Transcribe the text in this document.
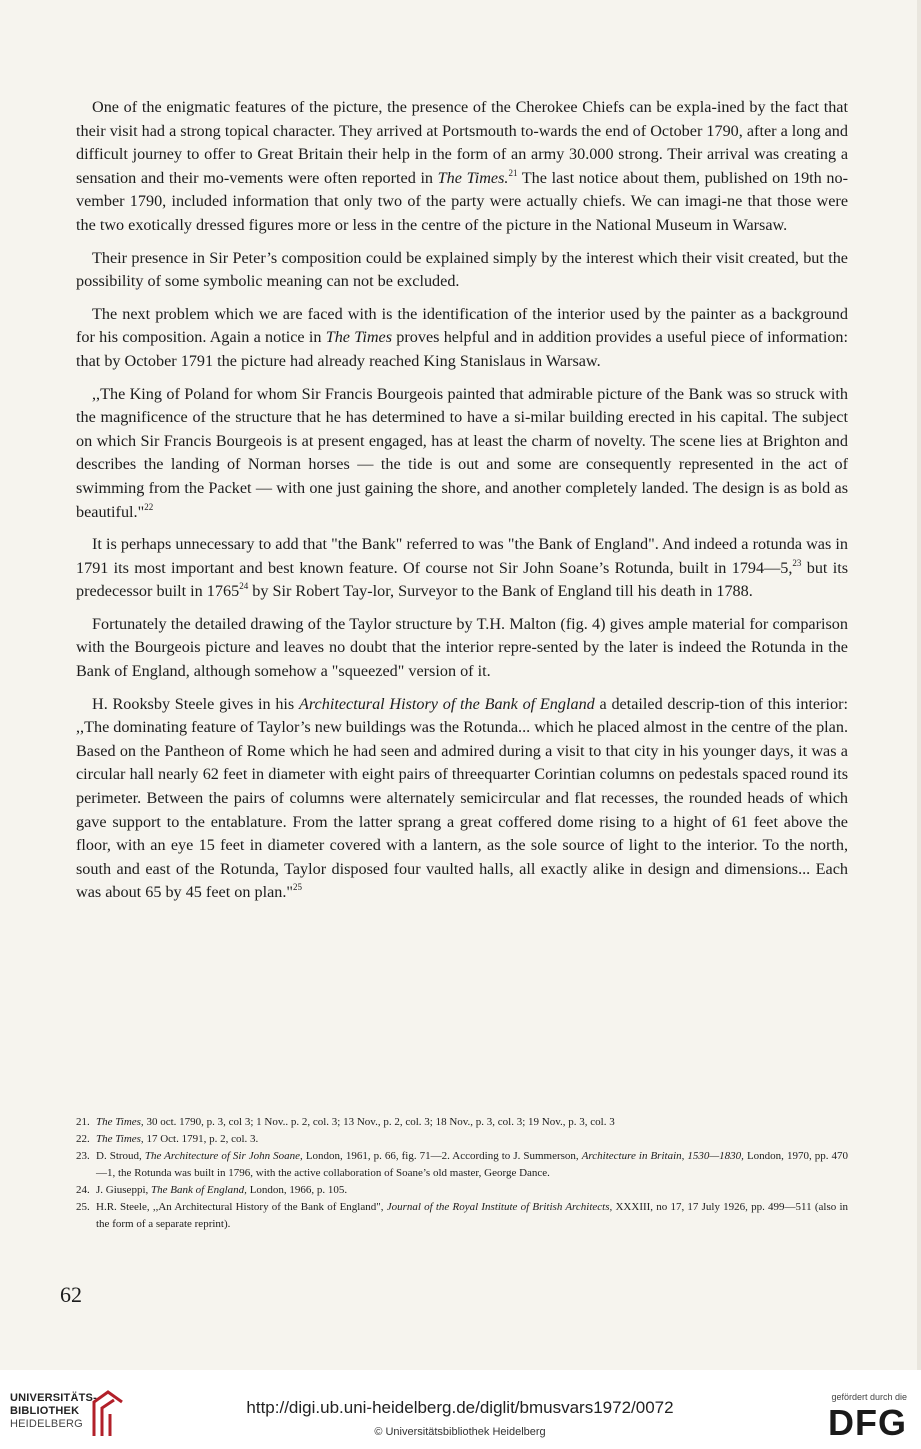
One of the enigmatic features of the picture, the presence of the Cherokee Chiefs can be expla-ined by the fact that their visit had a strong topical character. They arrived at Portsmouth to-wards the end of October 1790, after a long and difficult journey to offer to Great Britain their help in the form of an army 30.000 strong. Their arrival was creating a sensation and their mo-vements were often reported in The Times.$^{21}$ The last notice about them, published on 19th no-vember 1790, included information that only two of the party were actually chiefs. We can imagi-ne that those were the two exotically dressed figures more or less in the centre of the picture in the National Museum in Warsaw.

Their presence in Sir Peter’s composition could be explained simply by the interest which their visit created, but the possibility of some symbolic meaning can not be excluded.

The next problem which we are faced with is the identification of the interior used by the painter as a background for his composition. Again a notice in The Times proves helpful and in addition provides a useful piece of information: that by October 1791 the picture had already reached King Stanislaus in Warsaw.

,,The King of Poland for whom Sir Francis Bourgeois painted that admirable picture of the Bank was so struck with the magnificence of the structure that he has determined to have a si-milar building erected in his capital. The subject on which Sir Francis Bourgeois is at present engaged, has at least the charm of novelty. The scene lies at Brighton and describes the landing of Norman horses — the tide is out and some are consequently represented in the act of swimming from the Packet — with one just gaining the shore, and another completely landed. The design is as bold as beautiful."$^{22}$

It is perhaps unnecessary to add that "the Bank" referred to was "the Bank of England". And indeed a rotunda was in 1791 its most important and best known feature. Of course not Sir John Soane’s Rotunda, built in 1794—5,23 but its predecessor built in 1765$^{24}$ by Sir Robert Tay-lor, Surveyor to the Bank of England till his death in 1788.

Fortunately the detailed drawing of the Taylor structure by T.H. Malton (fig. 4) gives ample material for comparison with the Bourgeois picture and leaves no doubt that the interior repre-sented by the later is indeed the Rotunda in the Bank of England, although somehow a "squeezed" version of it.

H. Rooksby Steele gives in his Architectural History of the Bank of England a detailed descrip-tion of this interior: ,,The dominating feature of Taylor’s new buildings was the Rotunda... which he placed almost in the centre of the plan. Based on the Pantheon of Rome which he had seen and admired during a visit to that city in his younger days, it was a circular hall nearly 62 feet in diameter with eight pairs of threequarter Corintian columns on pedestals spaced round its perimeter. Between the pairs of columns were alternately semicircular and flat recesses, the rounded heads of which gave support to the entablature. From the latter sprang a great coffered dome rising to a hight of 61 feet above the floor, with an eye 15 feet in diameter covered with a lantern, as the sole source of light to the interior. To the north, south and east of the Rotunda, Taylor disposed four vaulted halls, all exactly alike in design and dimensions... Each was about 65 by 45 feet on plan."$^{25}$

21. The Times, 30 oct. 1790, p. 3, col 3; 1 Nov.. p. 2, col. 3; 13 Nov., p. 2, col. 3; 18 Nov., p. 3, col. 3; 19 Nov., p. 3, col. 3
22. The Times, 17 Oct. 1791, p. 2, col. 3.
23. D. Stroud, The Architecture of Sir John Soane, London, 1961, p. 66, fig. 71—2. According to J. Summerson, Architecture in Britain, 1530—1830, London, 1970, pp. 470—1, the Rotunda was built in 1796, with the active collaboration of Soane’s old master, George Dance.
24. J. Giuseppi, The Bank of England, London, 1966, p. 105.
25. H.R. Steele, ,,An Architectural History of the Bank of England", Journal of the Royal Institute of British Architects, XXXIII, no 17, 17 July 1926, pp. 499—511 (also in the form of a separate reprint).
62
UNIVERSITÄTS-
BIBLIOTHEK
HEIDELBERG
http://digi.ub.uni-heidelberg.de/diglit/bmusvars1972/0072
© Universitätsbibliothek Heidelberg
gefördert durch die
DFG
